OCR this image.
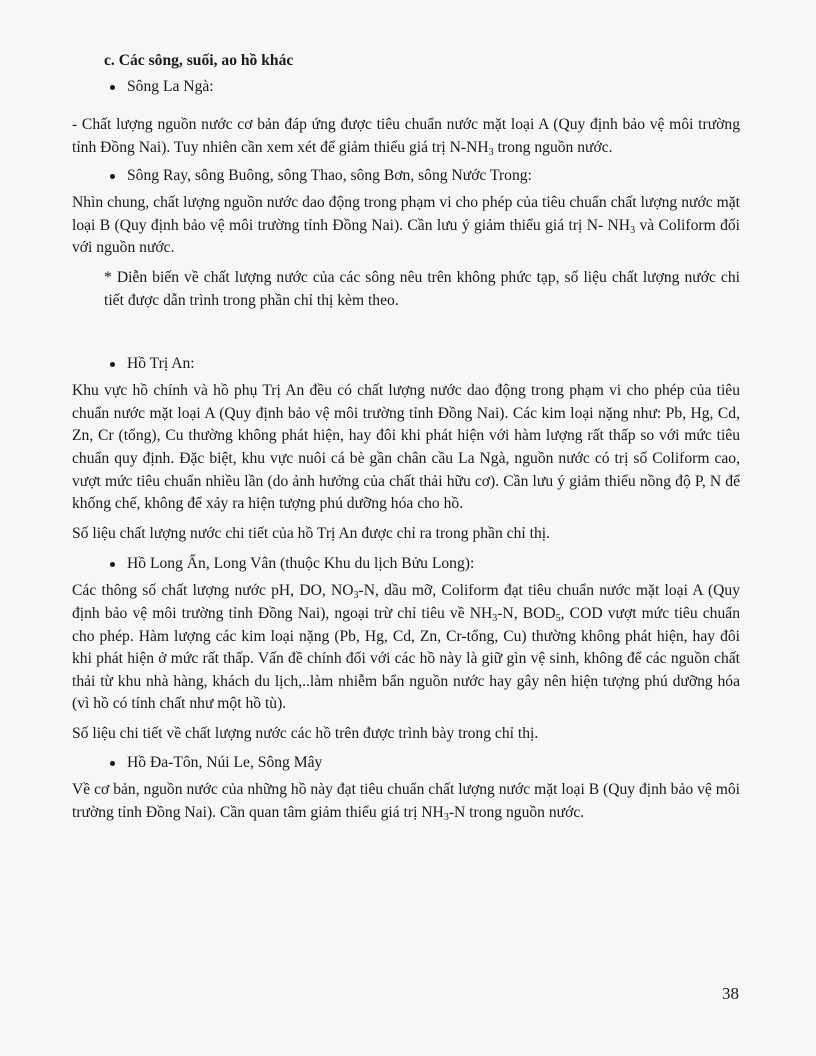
c. Các sông, suối, ao hồ khác

Sông La Ngà:

- Chất lượng nguồn nước cơ bản đáp ứng được tiêu chuẩn nước mặt loại A (Quy định bảo vệ môi trường tỉnh Đồng Nai). Tuy nhiên cần xem xét để giảm thiểu giá trị $N-NH_3$ trong nguồn nước.

Sông Ray, sông Buông, sông Thao, sông Bơn, sông Nước Trong:

Nhìn chung, chất lượng nguồn nước dao động trong phạm vi cho phép của tiêu chuẩn chất lượng nước mặt loại B (Quy định bảo vệ môi trường tỉnh Đồng Nai). Cần lưu ý giảm thiểu giá trị N- $NH_3$ và Coliform đối với nguồn nước.

* Diễn biến về chất lượng nước của các sông nêu trên không phức tạp, số liệu chất lượng nước chi tiết được dẫn trình trong phần chỉ thị kèm theo.

Hồ Trị An:

Khu vực hồ chính và hồ phụ Trị An đều có chất lượng nước dao động trong phạm vi cho phép của tiêu chuẩn nước mặt loại A (Quy định bảo vệ môi trường tỉnh Đồng Nai). Các kim loại nặng như: Pb, Hg, Cd, Zn, Cr (tổng), Cu thường không phát hiện, hay đôi khi phát hiện với hàm lượng rất thấp so với mức tiêu chuẩn quy định. Đặc biệt, khu vực nuôi cá bè gần chân cầu La Ngà, nguồn nước có trị số Coliform cao, vượt mức tiêu chuẩn nhiều lần (do ảnh hưởng của chất thải hữu cơ). Cần lưu ý giảm thiểu nồng độ P, N để khống chế, không để xảy ra hiện tượng phú dưỡng hóa cho hồ.

Số liệu chất lượng nước chi tiết của hồ Trị An được chỉ ra trong phần chỉ thị.

Hồ Long Ẩn, Long Vân (thuộc Khu du lịch Bửu Long):

Các thông số chất lượng nước pH, DO, $NO_3-N$, dầu mỡ, Coliform đạt tiêu chuẩn nước mặt loại A (Quy định bảo vệ môi trường tỉnh Đồng Nai), ngoại trừ chỉ tiêu về $NH_3-N$, $BOD_5$, COD vượt mức tiêu chuẩn cho phép. Hàm lượng các kim loại nặng (Pb, Hg, Cd, Zn, Cr-tổng, Cu) thường không phát hiện, hay đôi khi phát hiện ở mức rất thấp. Vấn đề chính đối với các hồ này là giữ gìn vệ sinh, không để các nguồn chất thải từ khu nhà hàng, khách du lịch,..làm nhiễm bẩn nguồn nước hay gây nên hiện tượng phú dưỡng hóa (vì hồ có tính chất như một hồ tù).

Số liệu chi tiết về chất lượng nước các hồ trên được trình bày trong chỉ thị.

Hồ Đa-Tôn, Núi Le, Sông Mây

Về cơ bản, nguồn nước của những hồ này đạt tiêu chuẩn chất lượng nước mặt loại B (Quy định bảo vệ môi trường tỉnh Đồng Nai). Cần quan tâm giảm thiểu giá trị $NH_3-N$ trong nguồn nước.

38
